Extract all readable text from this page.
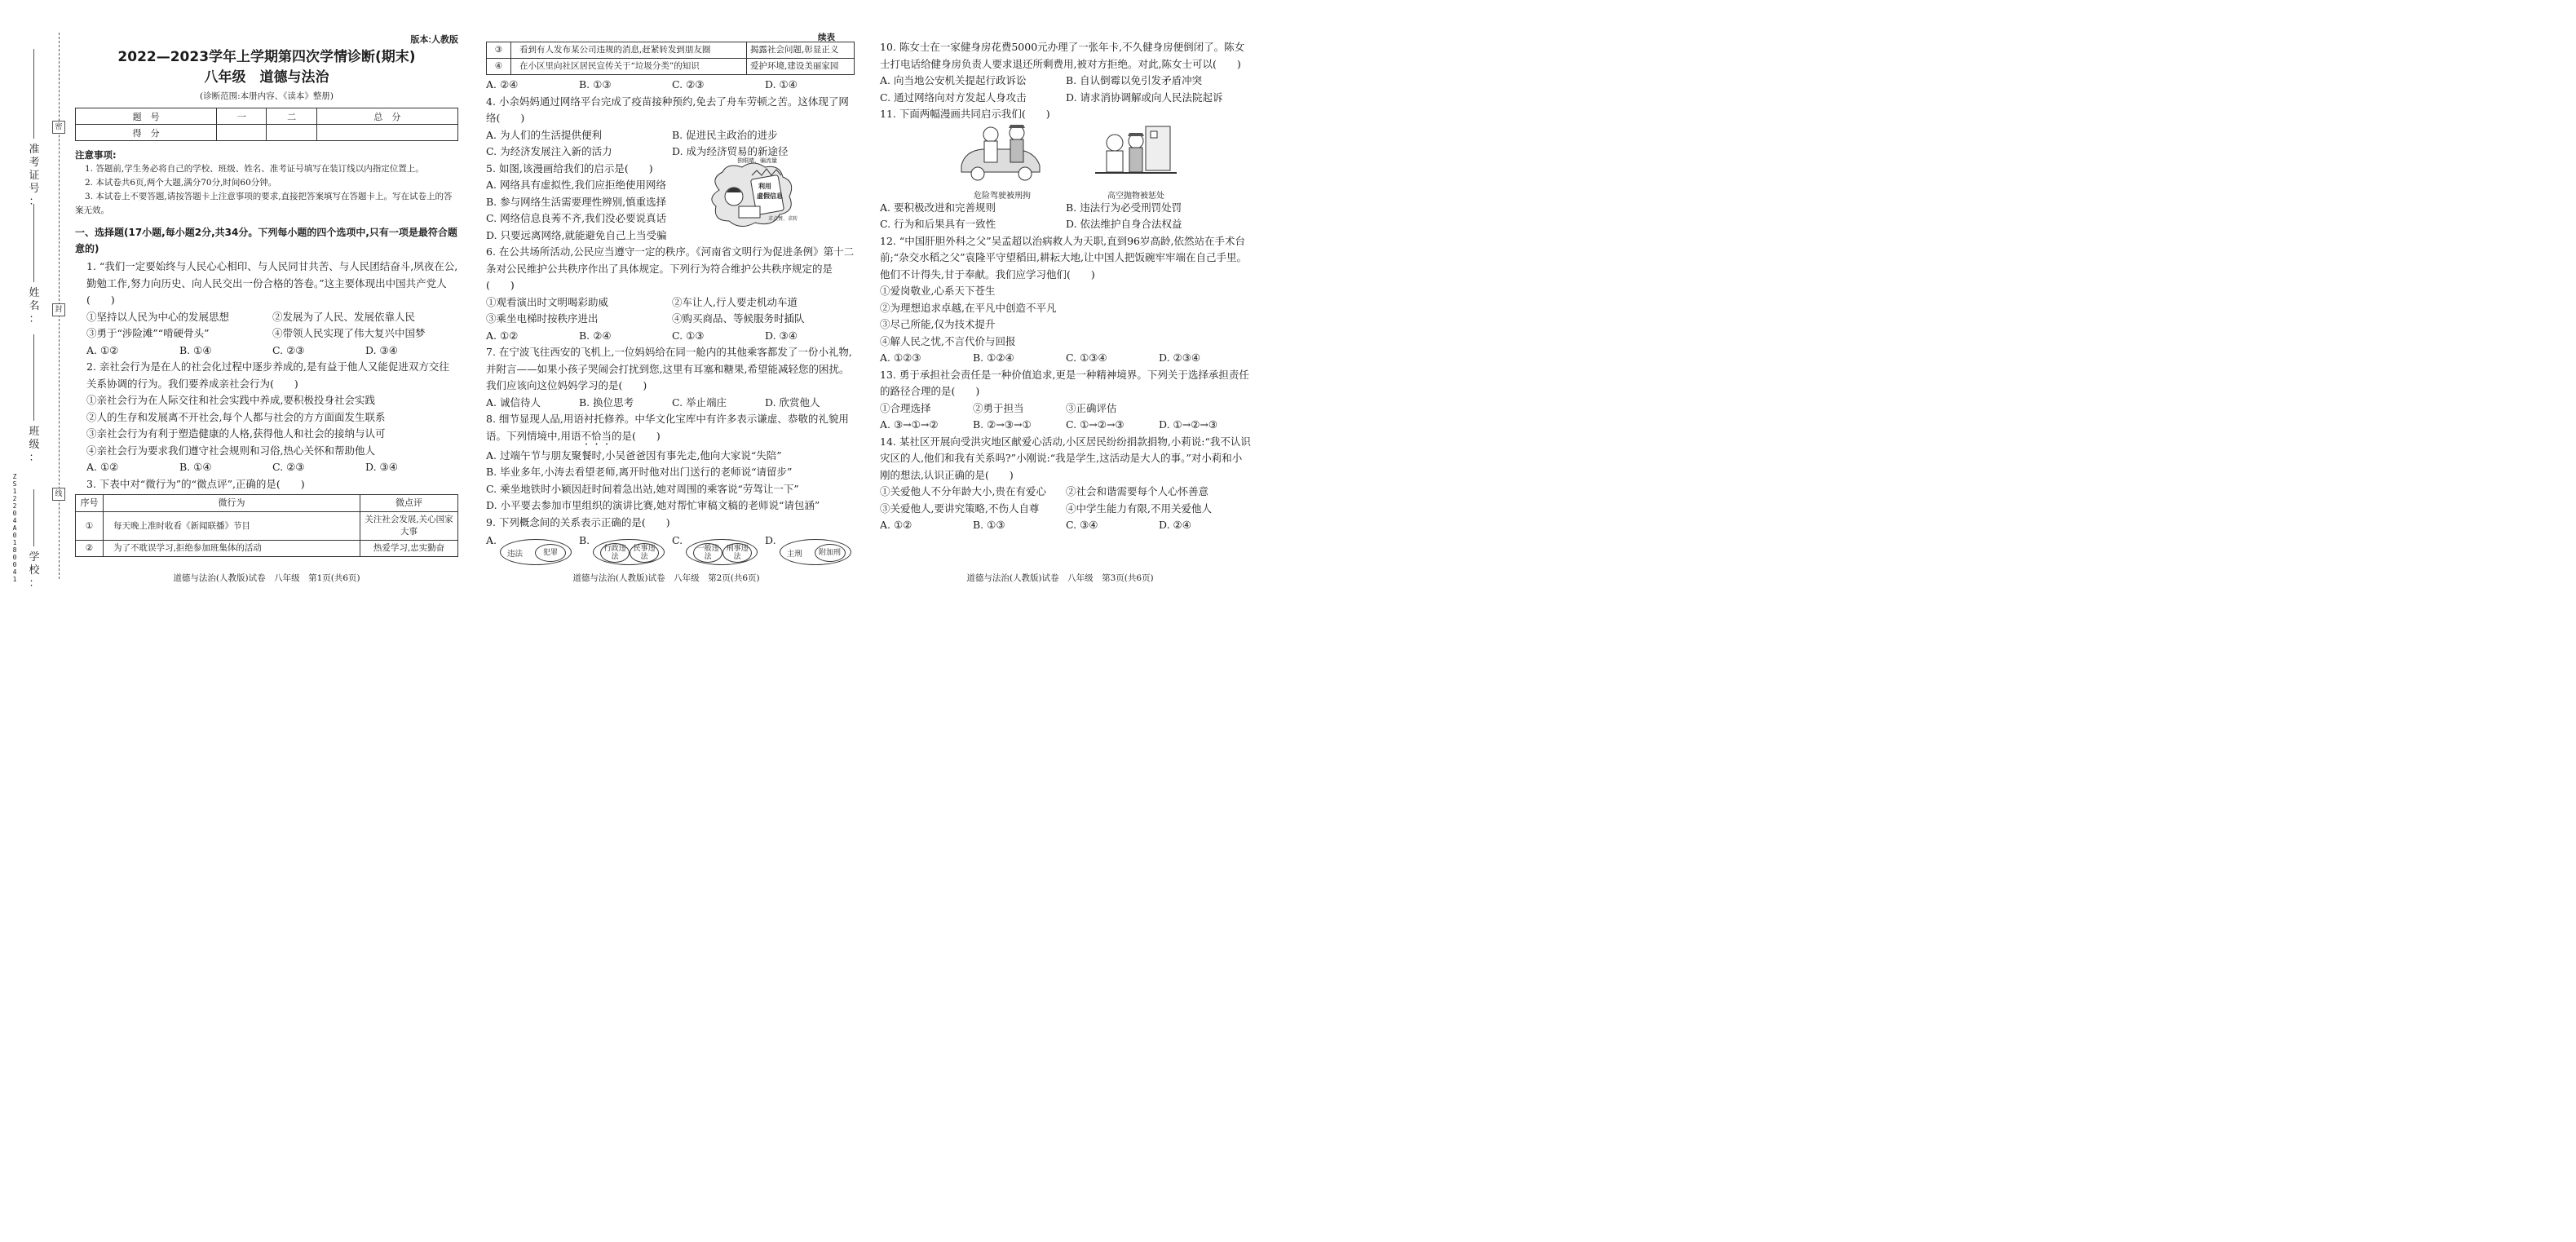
密
封
线
准
考
证
号
：
姓
名
：
班
级
：
学
校
：
Z
S
1
2
2
0
4
A
0
1
8
0
0
4
1
版本:人教版
2022—2023学年上学期第四次学情诊断(期末)
八年级　道德与法治
(诊断范围:本册内容、《读本》整册)
题　号	一	二	总　分
得　分			
注意事项:

1. 答题前,学生务必将自己的学校、班级、姓名、准考证号填写在装订线以内指定位置上。

2. 本试卷共6页,两个大题,满分70分,时间60分钟。

3. 本试卷上不要答题,请按答题卡上注意事项的要求,直接把答案填写在答题卡上。写在试卷上的答案无效。

一、选择题(17小题,每小题2分,共34分。下列每小题的四个选项中,只有一项是最符合题意的)
1. “我们一定要始终与人民心心相印、与人民同甘共苦、与人民团结奋斗,夙夜在公,勤勉工作,努力向历史、向人民交出一份合格的答卷。”这主要体现出中国共产党人(　　)
①坚持以人民为中心的发展思想	②发展为了人民、发展依靠人民
③勇于“涉险滩”“啃硬骨头”	④带领人民实现了伟大复兴中国梦
A. ①②	B. ①④	C. ②③	D. ③④
2. 亲社会行为是在人的社会化过程中逐步养成的,是有益于他人又能促进双方交往关系协调的行为。我们要养成亲社会行为(　　)
①亲社会行为在人际交往和社会实践中养成,要积极投身社会实践
②人的生存和发展离不开社会,每个人都与社会的方方面面发生联系
③亲社会行为有利于塑造健康的人格,获得他人和社会的接纳与认可
④亲社会行为要求我们遵守社会规则和习俗,热心关怀和帮助他人
A. ①②	B. ①④	C. ②③	D. ③④
3. 下表中对“微行为”的“微点评”,正确的是(　　)
序号	微行为	微点评
①	每天晚上准时收看《新闻联播》节目	关注社会发展,关心国家大事
②	为了不耽误学习,拒绝参加班集体的活动	热爱学习,忠实勤奋
道德与法治(人教版)试卷　八年级　第1页(共6页)
续表
③	看到有人发布某公司违规的消息,赶紧转发到朋友圈	揭露社会问题,彰显正义
④	在小区里向社区居民宣传关于“垃圾分类”的知识	爱护环境,建设美丽家园
A. ②④	B. ①③	C. ②③	D. ①④
4. 小余妈妈通过网络平台完成了疫苗接种预约,免去了舟车劳顿之苦。这体现了网络(　　)
A. 为人们的生活提供便利	B. 促进民主政治的进步
C. 为经济发展注入新的活力	D. 成为经济贸易的新途径
5. 如图,该漫画给我们的启示是(　　)
A. 网络具有虚拟性,我们应拒绝使用网络
B. 参与网络生活需要理性辨别,慎重选择
C. 网络信息良莠不齐,我们没必要说真话
D. 只要远离网络,就能避免自己上当受骗
独眼睛、骗流量
利用
虚假信息
求点赞、求转
6. 在公共场所活动,公民应当遵守一定的秩序。《河南省文明行为促进条例》第十二条对公民维护公共秩序作出了具体规定。下列行为符合维护公共秩序规定的是(　　)
①观看演出时文明喝彩助威	②车让人,行人要走机动车道
③乘坐电梯时按秩序进出	④购买商品、等候服务时插队
A. ①②	B. ②④	C. ①③	D. ③④
7. 在宁波飞往西安的飞机上,一位妈妈给在同一舱内的其他乘客都发了一份小礼物,并附言——如果小孩子哭闹会打扰到您,这里有耳塞和糖果,希望能减轻您的困扰。我们应该向这位妈妈学习的是(　　)
A. 诚信待人	B. 换位思考	C. 举止端庄	D. 欣赏他人
8. 细节显现人品,用语衬托修养。中华文化宝库中有许多表示谦虚、恭敬的礼貌用语。下列情境中,用语不恰当的是(　　)
A. 过端午节与朋友聚餐时,小吴爸爸因有事先走,他向大家说“失陪”
B. 毕业多年,小涛去看望老师,离开时他对出门送行的老师说“请留步”
C. 乘坐地铁时小颖因赶时间着急出站,她对周围的乘客说“劳驾让一下”
D. 小平要去参加市里组织的演讲比赛,她对帮忙审稿文稿的老师说“请包涵”
9. 下列概念间的关系表示正确的是(　　)
A.
违法	犯罪
B.
行政违法
民事违法
C.
一般违法
刑事违法
D.
主刑	附加刑
道德与法治(人教版)试卷　八年级　第2页(共6页)
10. 陈女士在一家健身房花费5000元办理了一张年卡,不久健身房便倒闭了。陈女士打电话给健身房负责人要求退还所剩费用,被对方拒绝。对此,陈女士可以(　　)
A. 向当地公安机关提起行政诉讼	B. 自认倒霉以免引发矛盾冲突
C. 通过网络向对方发起人身攻击	D. 请求消协调解或向人民法院起诉
11. 下面两幅漫画共同启示我们(　　)
危险驾驶被刑拘	高空抛物被惩处
A. 要积极改进和完善规则	B. 违法行为必受刑罚处罚
C. 行为和后果具有一致性	D. 依法维护自身合法权益
12. “中国肝胆外科之父”吴孟超以治病救人为天职,直到96岁高龄,依然站在手术台前;“杂交水稻之父”袁隆平守望稻田,耕耘大地,让中国人把饭碗牢牢端在自己手里。他们不计得失,甘于奉献。我们应学习他们(　　)
①爱岗敬业,心系天下苍生
②为理想追求卓越,在平凡中创造不平凡
③尽己所能,仅为技术提升
④解人民之忧,不言代价与回报
A. ①②③	B. ①②④	C. ①③④	D. ②③④
13. 勇于承担社会责任是一种价值追求,更是一种精神境界。下列关于选择承担责任的路径合理的是(　　)
①合理选择	②勇于担当	③正确评估
A. ③→①→②	B. ②→③→①	C. ①→②→③	D. ①→②→③
14. 某社区开展向受洪灾地区献爱心活动,小区居民纷纷捐款捐物,小莉说:“我不认识灾区的人,他们和我有关系吗?”小刚说:“我是学生,这活动是大人的事。”对小莉和小刚的想法,认识正确的是(　　)
①关爱他人不分年龄大小,贵在有爱心	②社会和谐需要每个人心怀善意
③关爱他人,要讲究策略,不伤人自尊	④中学生能力有限,不用关爱他人
A. ①②	B. ①③	C. ③④	D. ②④
道德与法治(人教版)试卷　八年级　第3页(共6页)
